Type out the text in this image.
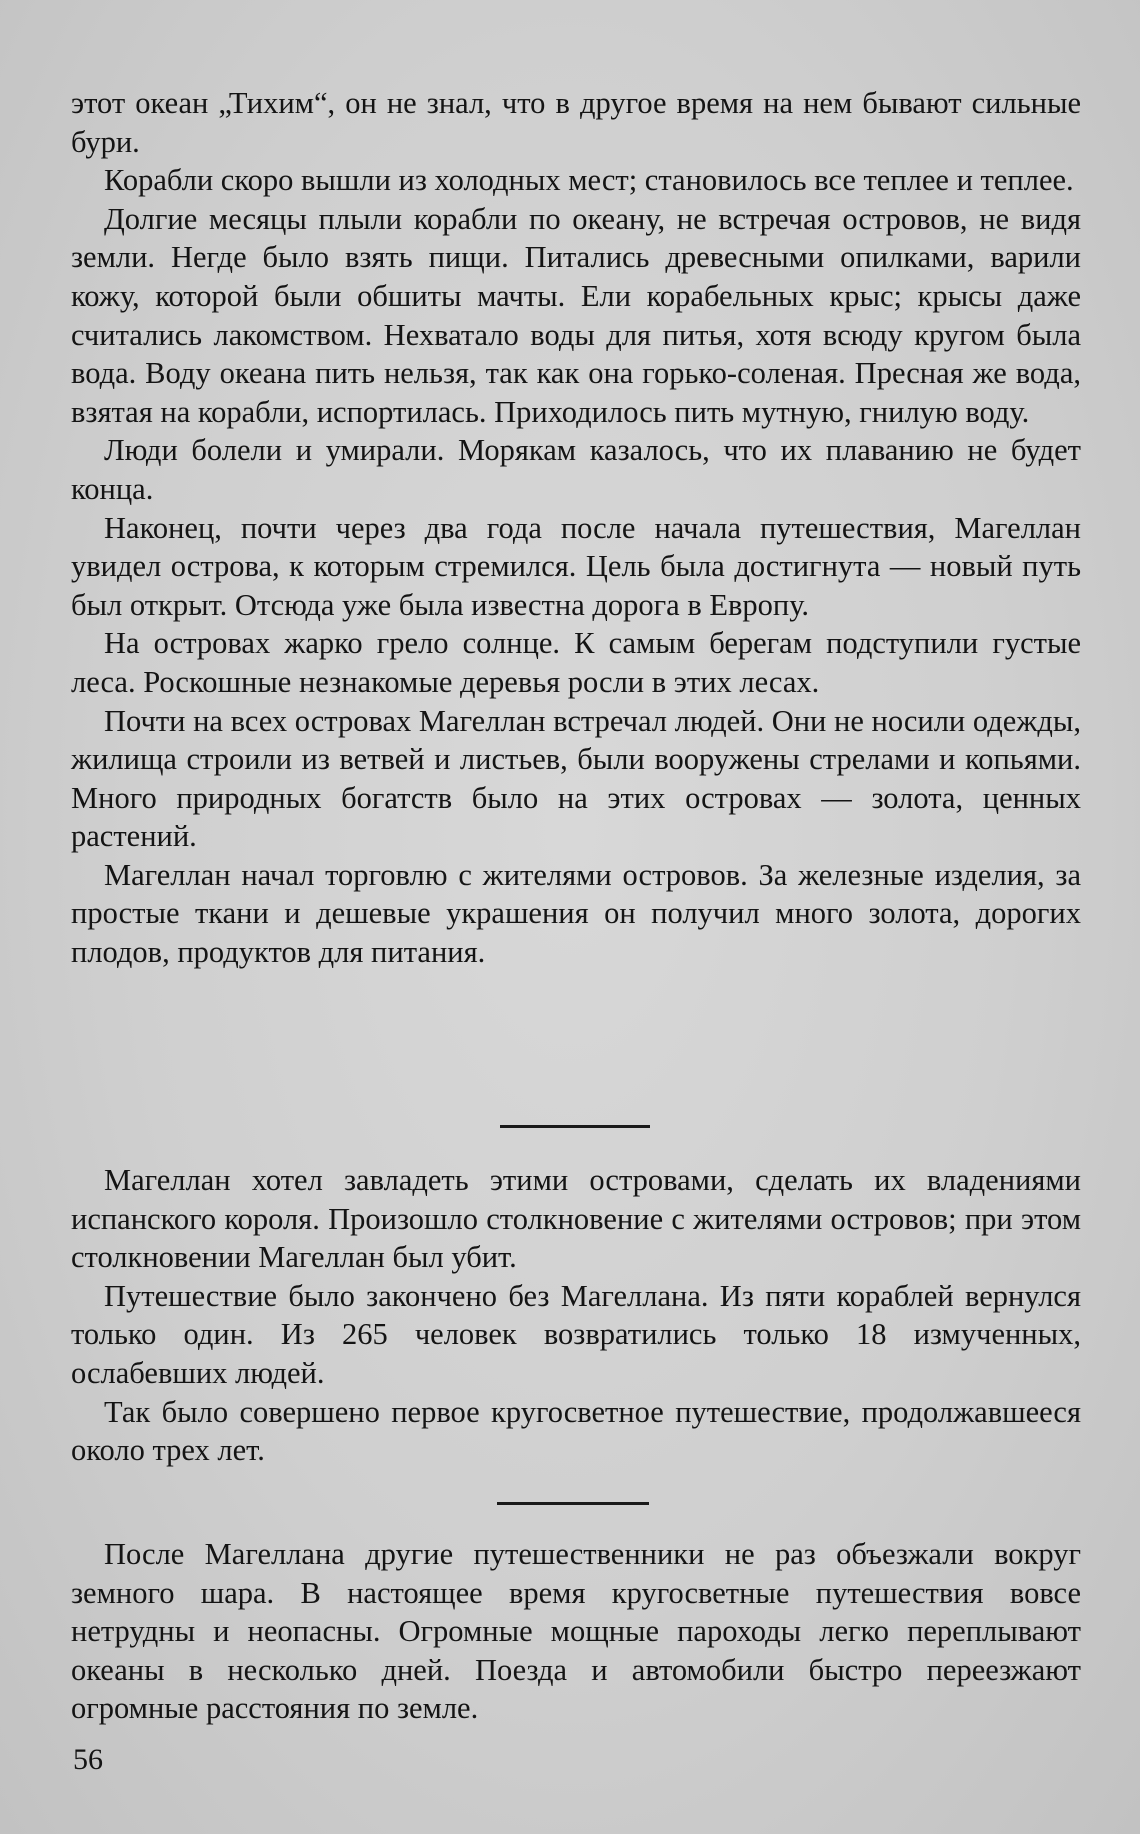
этот океан „Тихим“, он не знал, что в другое время на нем бывают сильные бури.

Корабли скоро вышли из холодных мест; становилось все теплее и теплее.

Долгие месяцы плыли корабли по океану, не встречая островов, не видя земли. Негде было взять пищи. Питались древесными опилками, варили кожу, которой были обшиты мачты. Ели корабельных крыс; крысы даже считались лакомством. Нехватало воды для питья, хотя всюду кругом была вода. Воду океана пить нельзя, так как она горько-соленая. Пресная же вода, взятая на корабли, испортилась. Приходилось пить мутную, гнилую воду.

Люди болели и умирали. Морякам казалось, что их плаванию не будет конца.

Наконец, почти через два года после начала путешествия, Магеллан увидел острова, к которым стремился. Цель была достигнута — новый путь был открыт. Отсюда уже была известна дорога в Европу.

На островах жарко грело солнце. К самым берегам подступили густые леса. Роскошные незнакомые деревья росли в этих лесах.

Почти на всех островах Магеллан встречал людей. Они не носили одежды, жилища строили из ветвей и листьев, были вооружены стрелами и копьями. Много природных богатств было на этих островах — золота, ценных растений.

Магеллан начал торговлю с жителями островов. За железные изделия, за простые ткани и дешевые украшения он получил много золота, дорогих плодов, продуктов для питания.

Магеллан хотел завладеть этими островами, сделать их владениями испанского короля. Произошло столкновение с жителями островов; при этом столкновении Магеллан был убит.

Путешествие было закончено без Магеллана. Из пяти кораблей вернулся только один. Из 265 человек возвратились только 18 измученных, ослабевших людей.

Так было совершено первое кругосветное путешествие, продолжавшееся около трех лет.

После Магеллана другие путешественники не раз объезжали вокруг земного шара. В настоящее время кругосветные путешествия вовсе нетрудны и неопасны. Огромные мощные пароходы легко переплывают океаны в несколько дней. Поезда и автомобили быстро переезжают огромные расстояния по земле.

56
